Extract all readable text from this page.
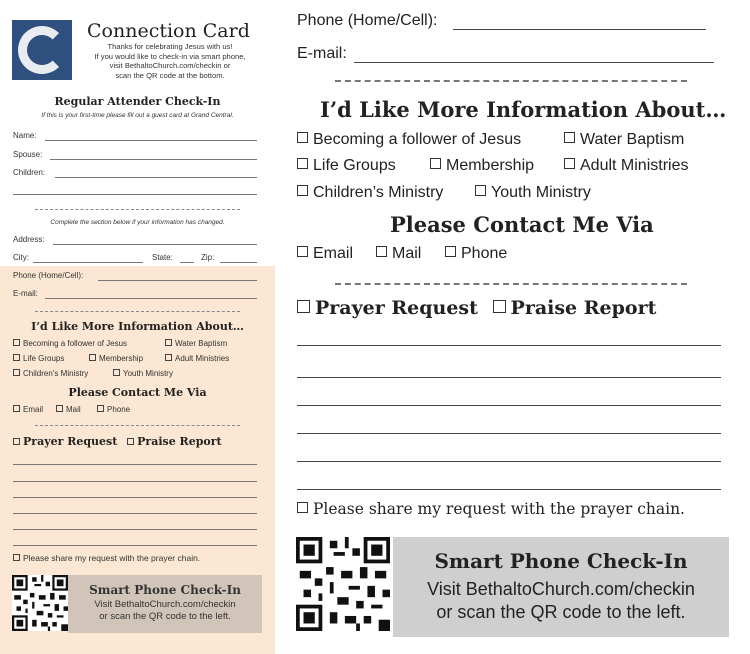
Connection Card
Thanks for celebrating Jesus with us!
If you would like to check-in via smart phone,
visit BethaltoChurch.com/checkin or
scan the QR code at the bottom.
Regular Attender Check-In
If this is your first-time please fill out a guest card at Grand Central.
Name:
Spouse:
Children:
Complete the section below if your information has changed.
Address:
City:	State:	Zip:
Phone (Home/Cell):
E-mail:
I’d Like More Information About…
Becoming a follower of Jesus	Water Baptism
Life Groups	Membership	Adult Ministries
Children’s Ministry	Youth Ministry
Please Contact Me Via
Email	Mail	Phone
Prayer Request Praise Report
Please share my request with the prayer chain.
Smart Phone Check-In
Visit BethaltoChurch.com/checkin
or scan the QR code to the left.
Phone (Home/Cell):
E-mail:
I’d Like More Information About…
Becoming a follower of Jesus	Water Baptism
Life Groups	Membership	Adult Ministries
Children’s Ministry	Youth Ministry
Please Contact Me Via
Email	Mail	Phone
Prayer Request Praise Report
Please share my request with the prayer chain.
Smart Phone Check-In
Visit BethaltoChurch.com/checkin
or scan the QR code to the left.
